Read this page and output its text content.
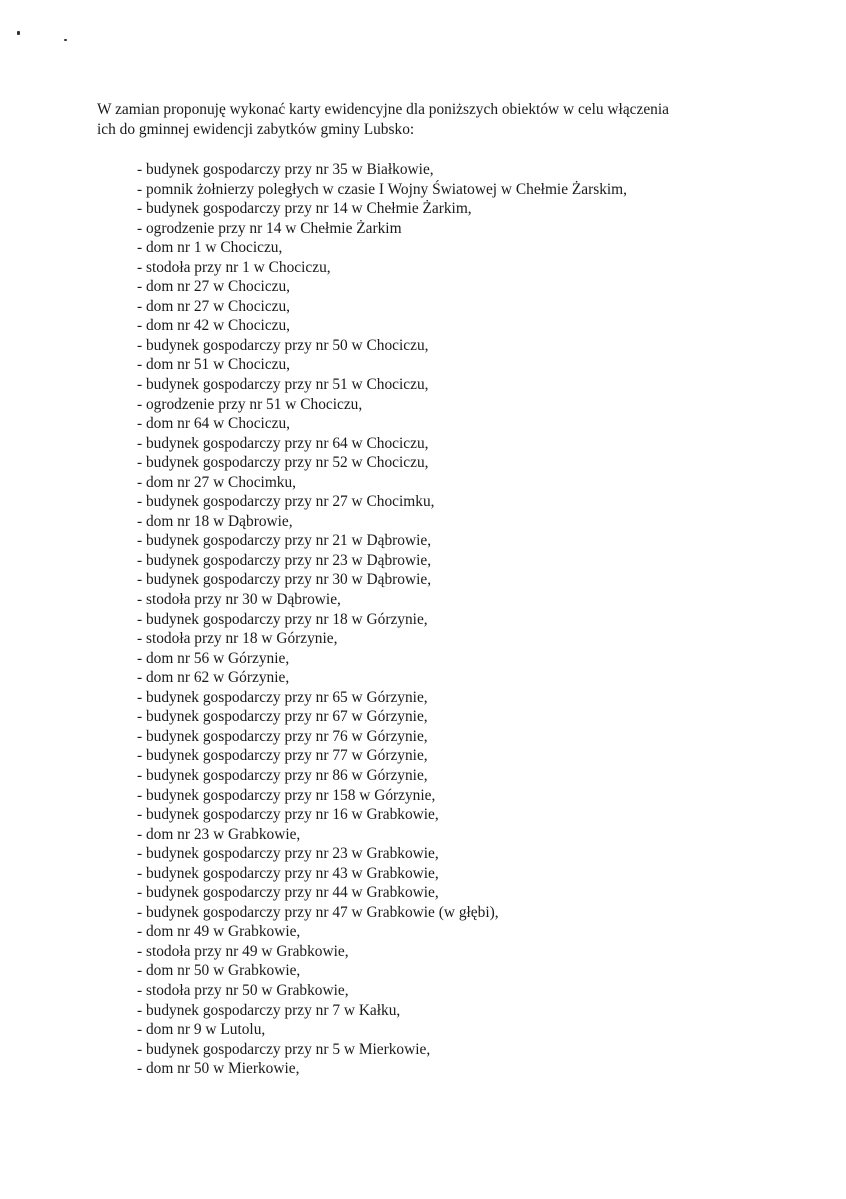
W zamian proponuję wykonać karty ewidencyjne dla poniższych obiektów w celu włączenia
ich do gminnej ewidencji zabytków gminy Lubsko:

- budynek gospodarczy przy nr 35 w Białkowie,
- pomnik żołnierzy poległych w czasie I Wojny Światowej w Chełmie Żarskim,
- budynek gospodarczy przy nr 14 w Chełmie Żarkim,
- ogrodzenie przy nr 14 w Chełmie Żarkim
- dom nr 1 w Chociczu,
- stodoła przy nr 1 w Chociczu,
- dom nr 27 w Chociczu,
- dom nr 27 w Chociczu,
- dom nr 42 w Chociczu,
- budynek gospodarczy przy nr 50 w Chociczu,
- dom nr 51 w Chociczu,
- budynek gospodarczy przy nr 51 w Chociczu,
- ogrodzenie przy nr 51 w Chociczu,
- dom nr 64 w Chociczu,
- budynek gospodarczy przy nr 64 w Chociczu,
- budynek gospodarczy przy nr 52 w Chociczu,
- dom nr 27 w Chocimku,
- budynek gospodarczy przy nr 27 w Chocimku,
- dom nr 18 w Dąbrowie,
- budynek gospodarczy przy nr 21 w Dąbrowie,
- budynek gospodarczy przy nr 23 w Dąbrowie,
- budynek gospodarczy przy nr 30 w Dąbrowie,
- stodoła przy nr 30 w Dąbrowie,
- budynek gospodarczy przy nr 18 w Górzynie,
- stodoła przy nr 18 w Górzynie,
- dom nr 56 w Górzynie,
- dom nr 62 w Górzynie,
- budynek gospodarczy przy nr 65 w Górzynie,
- budynek gospodarczy przy nr 67 w Górzynie,
- budynek gospodarczy przy nr 76 w Górzynie,
- budynek gospodarczy przy nr 77 w Górzynie,
- budynek gospodarczy przy nr 86 w Górzynie,
- budynek gospodarczy przy nr 158 w Górzynie,
- budynek gospodarczy przy nr 16 w Grabkowie,
- dom nr 23 w Grabkowie,
- budynek gospodarczy przy nr 23 w Grabkowie,
- budynek gospodarczy przy nr 43 w Grabkowie,
- budynek gospodarczy przy nr 44 w Grabkowie,
- budynek gospodarczy przy nr 47 w Grabkowie (w głębi),
- dom nr 49 w Grabkowie,
- stodoła przy nr 49 w Grabkowie,
- dom nr 50 w Grabkowie,
- stodoła przy nr 50 w Grabkowie,
- budynek gospodarczy przy nr 7 w Kałku,
- dom nr 9 w Lutolu,
- budynek gospodarczy przy nr 5 w Mierkowie,
- dom nr 50 w Mierkowie,
